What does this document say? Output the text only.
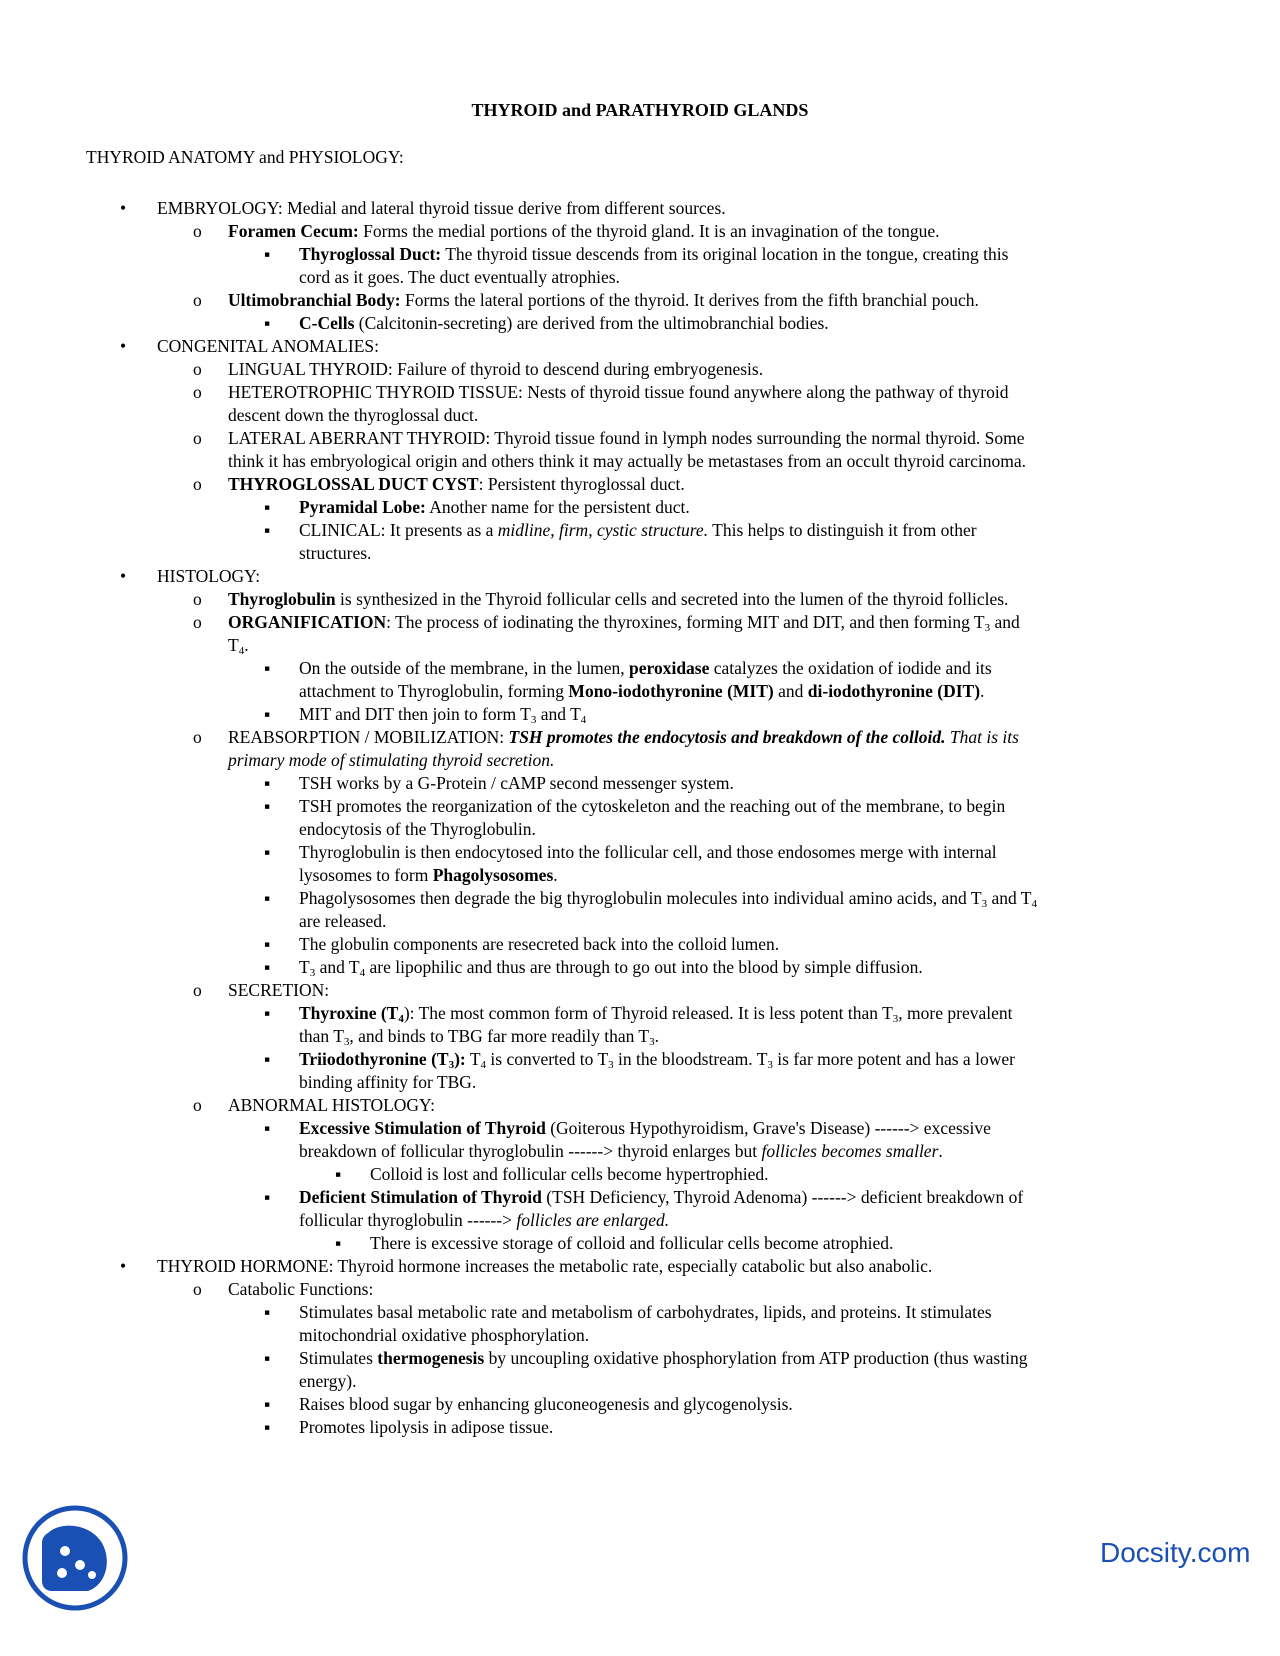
THYROID and PARATHYROID GLANDS
THYROID ANATOMY and PHYSIOLOGY:
• EMBRYOLOGY: Medial and lateral thyroid tissue derive from different sources.
o Foramen Cecum: Forms the medial portions of the thyroid gland. It is an invagination of the tongue.
▪ Thyroglossal Duct: The thyroid tissue descends from its original location in the tongue, creating this
cord as it goes. The duct eventually atrophies.
o Ultimobranchial Body: Forms the lateral portions of the thyroid. It derives from the fifth branchial pouch.
▪ C-Cells (Calcitonin-secreting) are derived from the ultimobranchial bodies.
• CONGENITAL ANOMALIES:
o LINGUAL THYROID: Failure of thyroid to descend during embryogenesis.
o HETEROTROPHIC THYROID TISSUE: Nests of thyroid tissue found anywhere along the pathway of thyroid
descent down the thyroglossal duct.
o LATERAL ABERRANT THYROID: Thyroid tissue found in lymph nodes surrounding the normal thyroid. Some
think it has embryological origin and others think it may actually be metastases from an occult thyroid carcinoma.
o THYROGLOSSAL DUCT CYST: Persistent thyroglossal duct.
▪ Pyramidal Lobe: Another name for the persistent duct.
▪ CLINICAL: It presents as a midline, firm, cystic structure. This helps to distinguish it from other
structures.
• HISTOLOGY:
o Thyroglobulin is synthesized in the Thyroid follicular cells and secreted into the lumen of the thyroid follicles.
o ORGANIFICATION: The process of iodinating the thyroxines, forming MIT and DIT, and then forming $T_3$ and
$T_4$.
▪ On the outside of the membrane, in the lumen, peroxidase catalyzes the oxidation of iodide and its
attachment to Thyroglobulin, forming Mono-iodothyronine (MIT) and di-iodothyronine (DIT).
▪ MIT and DIT then join to form $T_3$ and $T_4$
o REABSORPTION / MOBILIZATION: TSH promotes the endocytosis and breakdown of the colloid. That is its
primary mode of stimulating thyroid secretion.
▪ TSH works by a G-Protein / cAMP second messenger system.
▪ TSH promotes the reorganization of the cytoskeleton and the reaching out of the membrane, to begin
endocytosis of the Thyroglobulin.
▪ Thyroglobulin is then endocytosed into the follicular cell, and those endosomes merge with internal
lysosomes to form Phagolysosomes.
▪ Phagolysosomes then degrade the big thyroglobulin molecules into individual amino acids, and $T_3$ and $T_4$
are released.
▪ The globulin components are resecreted back into the colloid lumen.
▪ $T_3$ and $T_4$ are lipophilic and thus are through to go out into the blood by simple diffusion.
o SECRETION:
▪ Thyroxine $(T_4)$: The most common form of Thyroid released. It is less potent than $T_3$, more prevalent
than $T_3$, and binds to TBG far more readily than $T_3$.
▪ Triiodothyronine $(T_3)$: $T_4$ is converted to $T_3$ in the bloodstream. $T_3$ is far more potent and has a lower
binding affinity for TBG.
o ABNORMAL HISTOLOGY:
▪ Excessive Stimulation of Thyroid (Goiterous Hypothyroidism, Grave's Disease) ------> excessive
breakdown of follicular thyroglobulin ------> thyroid enlarges but follicles becomes smaller.
▪ Colloid is lost and follicular cells become hypertrophied.
▪ Deficient Stimulation of Thyroid (TSH Deficiency, Thyroid Adenoma) ------> deficient breakdown of
follicular thyroglobulin ------> follicles are enlarged.
▪ There is excessive storage of colloid and follicular cells become atrophied.
• THYROID HORMONE: Thyroid hormone increases the metabolic rate, especially catabolic but also anabolic.
o Catabolic Functions:
▪ Stimulates basal metabolic rate and metabolism of carbohydrates, lipids, and proteins. It stimulates
mitochondrial oxidative phosphorylation.
▪ Stimulates thermogenesis by uncoupling oxidative phosphorylation from ATP production (thus wasting
energy).
▪ Raises blood sugar by enhancing gluconeogenesis and glycogenolysis.
▪ Promotes lipolysis in adipose tissue.
Docsity.com
